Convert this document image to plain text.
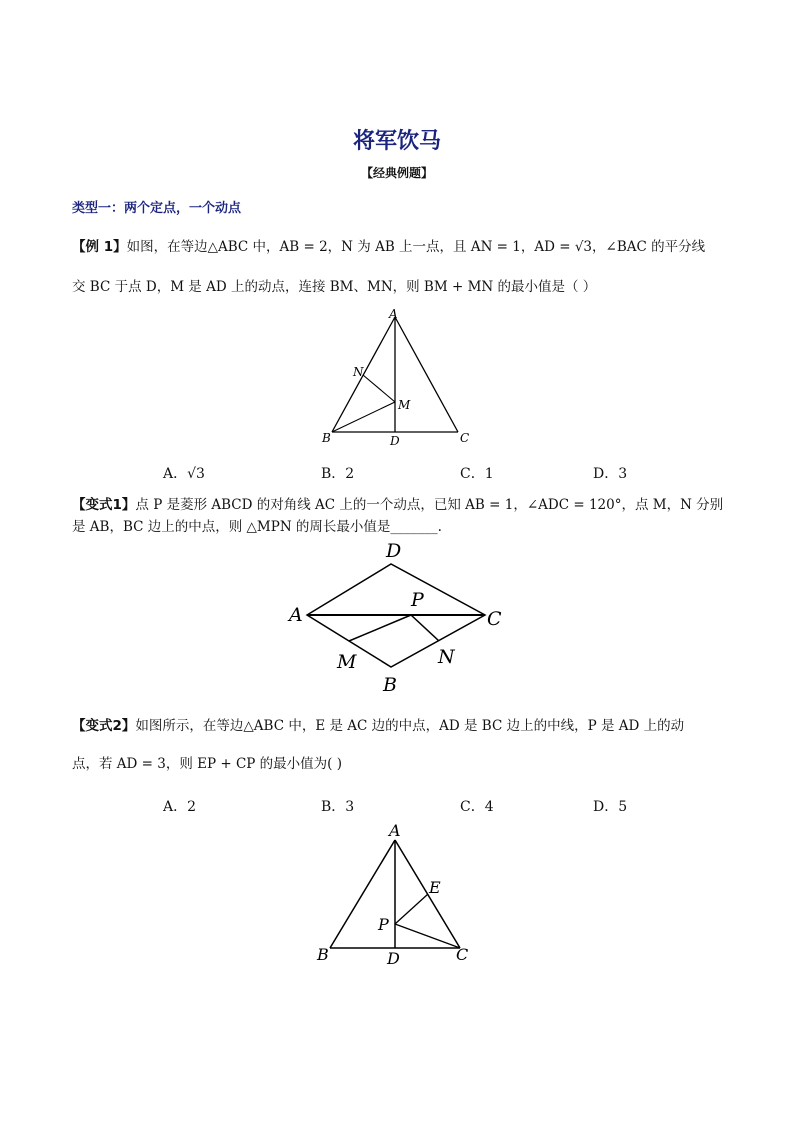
将军饮马
【经典例题】
类型一：两个定点，一个动点
【例 1】如图，在等边△ABC 中，AB = 2，N 为 AB 上一点，且 AN = 1，AD = √3，∠BAC 的平分线
交 BC 于点 D，M 是 AD 上的动点，连接 BM、MN，则 BM + MN 的最小值是（ ）
A
B	C
D
M
N
A．√3	B．2	C．1	D．3
【变式1】点 P 是菱形 ABCD 的对角线 AC 上的一个动点，已知 AB = 1，∠ADC = 120°，点 M，N 分别
是 AB，BC 边上的中点，则 △MPN 的周长最小值是_______.
D
A	C
P
M	N
B
【变式2】如图所示，在等边△ABC 中，E 是 AC 边的中点，AD 是 BC 边上的中线，P 是 AD 上的动
点，若 AD = 3，则 EP + CP 的最小值为( )
A．2	B．3	C．4	D．5
A
E
P
B	D	C
